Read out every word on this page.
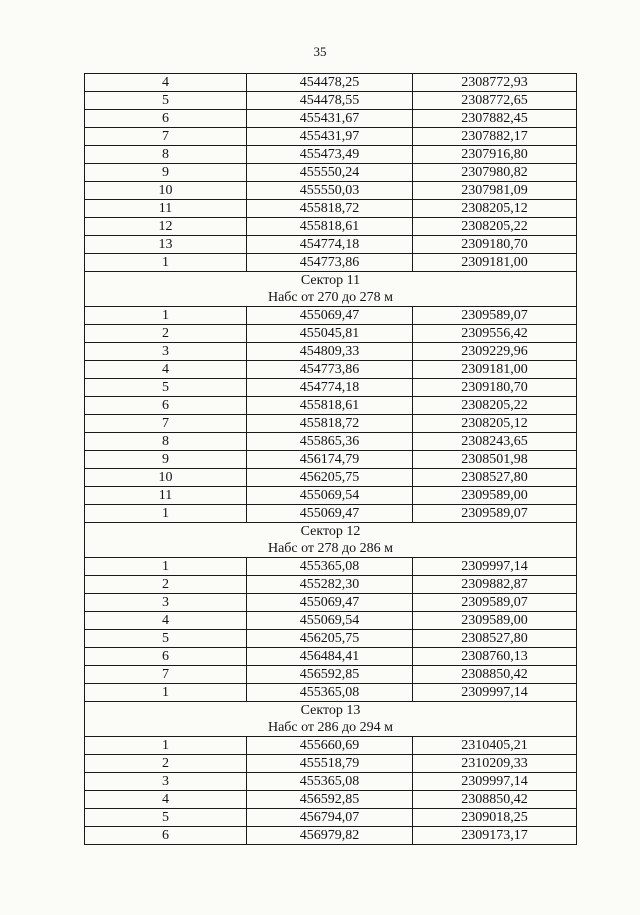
35
4	454478,25	2308772,93
5	454478,55	2308772,65
6	455431,67	2307882,45
7	455431,97	2307882,17
8	455473,49	2307916,80
9	455550,24	2307980,82
10	455550,03	2307981,09
11	455818,72	2308205,12
12	455818,61	2308205,22
13	454774,18	2309180,70
1	454773,86	2309181,00

Сектор 11
Набс от 270 до 278 м		

1	455069,47	2309589,07
2	455045,81	2309556,42
3	454809,33	2309229,96
4	454773,86	2309181,00
5	454774,18	2309180,70
6	455818,61	2308205,22
7	455818,72	2308205,12
8	455865,36	2308243,65
9	456174,79	2308501,98
10	456205,75	2308527,80
11	455069,54	2309589,00
1	455069,47	2309589,07

Сектор 12
Набс от 278 до 286 м		

1	455365,08	2309997,14
2	455282,30	2309882,87
3	455069,47	2309589,07
4	455069,54	2309589,00
5	456205,75	2308527,80
6	456484,41	2308760,13
7	456592,85	2308850,42
1	455365,08	2309997,14

Сектор 13
Набс от 286 до 294 м		

1	455660,69	2310405,21
2	455518,79	2310209,33
3	455365,08	2309997,14
4	456592,85	2308850,42
5	456794,07	2309018,25
6	456979,82	2309173,17
